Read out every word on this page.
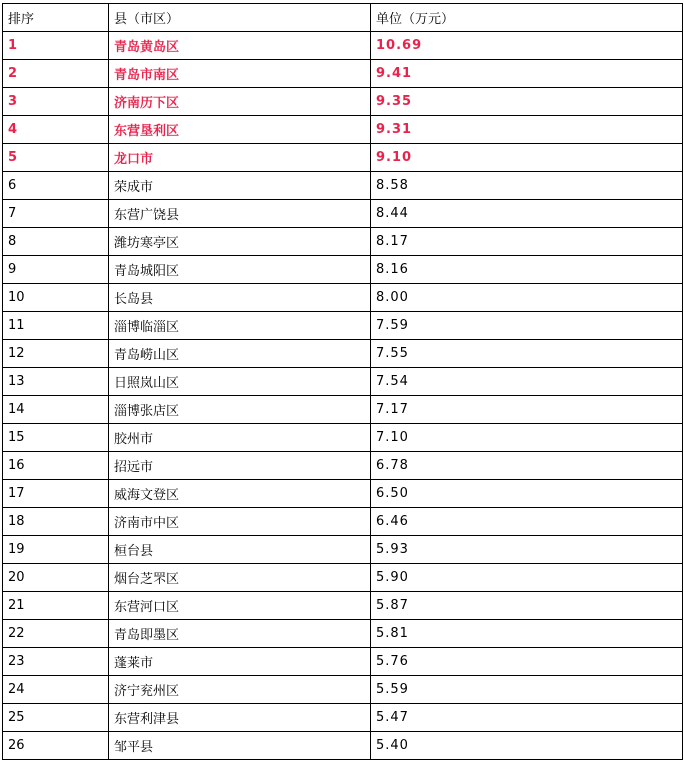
排序	县（市区）	单位（万元）
1	青岛黄岛区	10.69
2	青岛市南区	9.41
3	济南历下区	9.35
4	东营垦利区	9.31
5	龙口市	9.10
6	荣成市	8.58
7	东营广饶县	8.44
8	潍坊寒亭区	8.17
9	青岛城阳区	8.16
10	长岛县	8.00
11	淄博临淄区	7.59
12	青岛崂山区	7.55
13	日照岚山区	7.54
14	淄博张店区	7.17
15	胶州市	7.10
16	招远市	6.78
17	威海文登区	6.50
18	济南市中区	6.46
19	桓台县	5.93
20	烟台芝罘区	5.90
21	东营河口区	5.87
22	青岛即墨区	5.81
23	蓬莱市	5.76
24	济宁兖州区	5.59
25	东营利津县	5.47
26	邹平县	5.40
